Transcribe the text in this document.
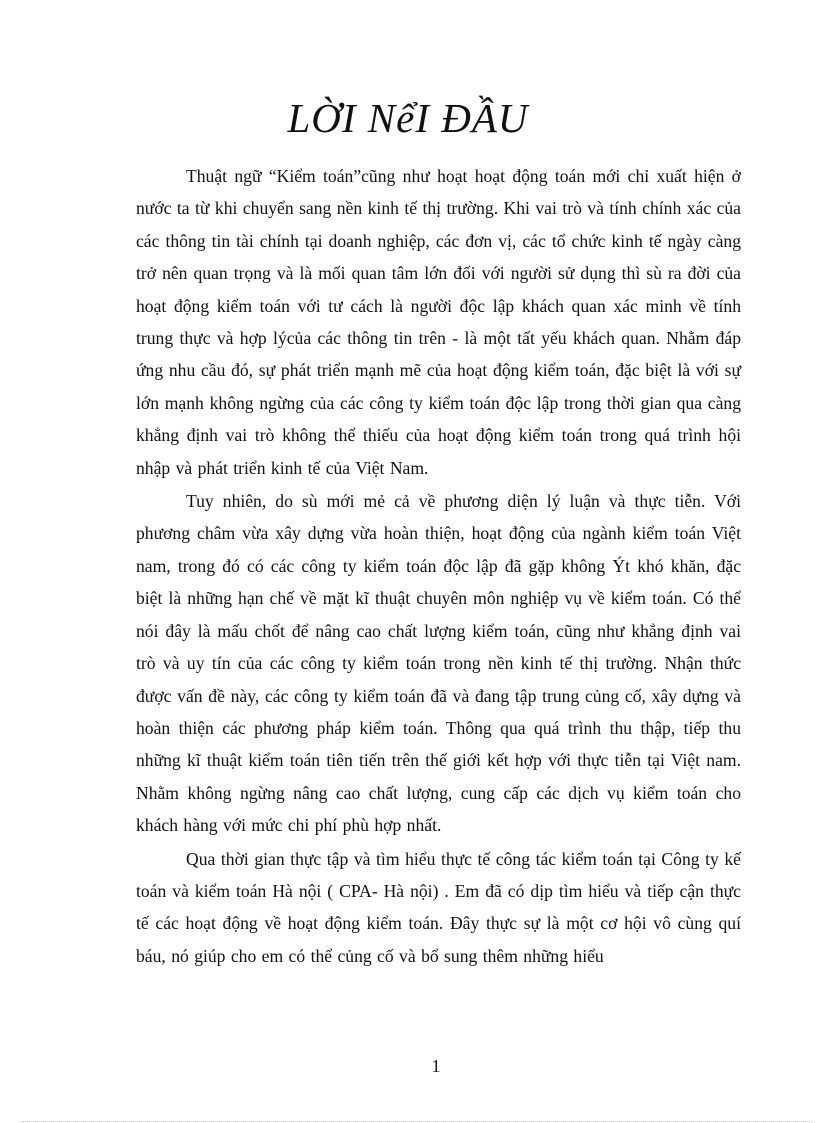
LỜI NểI ĐẦU

Thuật ngữ “Kiểm toán”cũng như hoạt hoạt động toán mới chỉ xuất hiện ở nước ta từ khi chuyển sang nền kinh tế thị trường. Khi vai trò và tính chính xác của các thông tin tài chính tại doanh nghiệp, các đơn vị, các tổ chức kinh tế ngày càng trở nên quan trọng và là mối quan tâm lớn đối với người sử dụng thì sù ra đời của hoạt động kiểm toán với tư cách là người độc lập khách quan xác minh về tính trung thực và hợp lýcủa các thông tin trên - là một tất yếu khách quan. Nhằm đáp ứng nhu cầu đó, sự phát triển mạnh mẽ của hoạt động kiểm toán, đặc biệt là với sự lớn mạnh không ngừng của các công ty kiểm toán độc lập trong thời gian qua càng khẳng định vai trò không thể thiếu của hoạt động kiểm toán trong quá trình hội nhập và phát triển kinh tế của Việt Nam.

Tuy nhiên, do sù mới mẻ cả về phương diện lý luận và thực tiễn. Với phương châm vừa xây dựng vừa hoàn thiện, hoạt động của ngành kiểm toán Việt nam, trong đó có các công ty kiểm toán độc lập đã gặp không Ýt khó khăn, đặc biệt là những hạn chế về mặt kĩ thuật chuyên môn nghiệp vụ về kiểm toán. Có thể nói đây là mấu chốt để nâng cao chất lượng kiểm toán, cũng như khẳng định vai trò và uy tín của các công ty kiểm toán trong nền kinh tế thị trường. Nhận thức được vấn đề này, các công ty kiểm toán đã và đang tập trung củng cố, xây dựng và hoàn thiện các phương pháp kiểm toán. Thông qua quá trình thu thập, tiếp thu những kĩ thuật kiểm toán tiên tiến trên thế giới kết hợp với thực tiễn tại Việt nam. Nhằm không ngừng nâng cao chất lượng, cung cấp các dịch vụ kiểm toán cho khách hàng với mức chi phí phù hợp nhất.

Qua thời gian thực tập và tìm hiểu thực tế công tác kiểm toán tại Công ty kế toán và kiểm toán Hà nội ( CPA- Hà nội) . Em đã có dịp tìm hiểu và tiếp cận thực tế các hoạt động về hoạt động kiểm toán. Đây thực sự là một cơ hội vô cùng quí báu, nó giúp cho em có thể củng cố và bổ sung thêm những hiểu

1
